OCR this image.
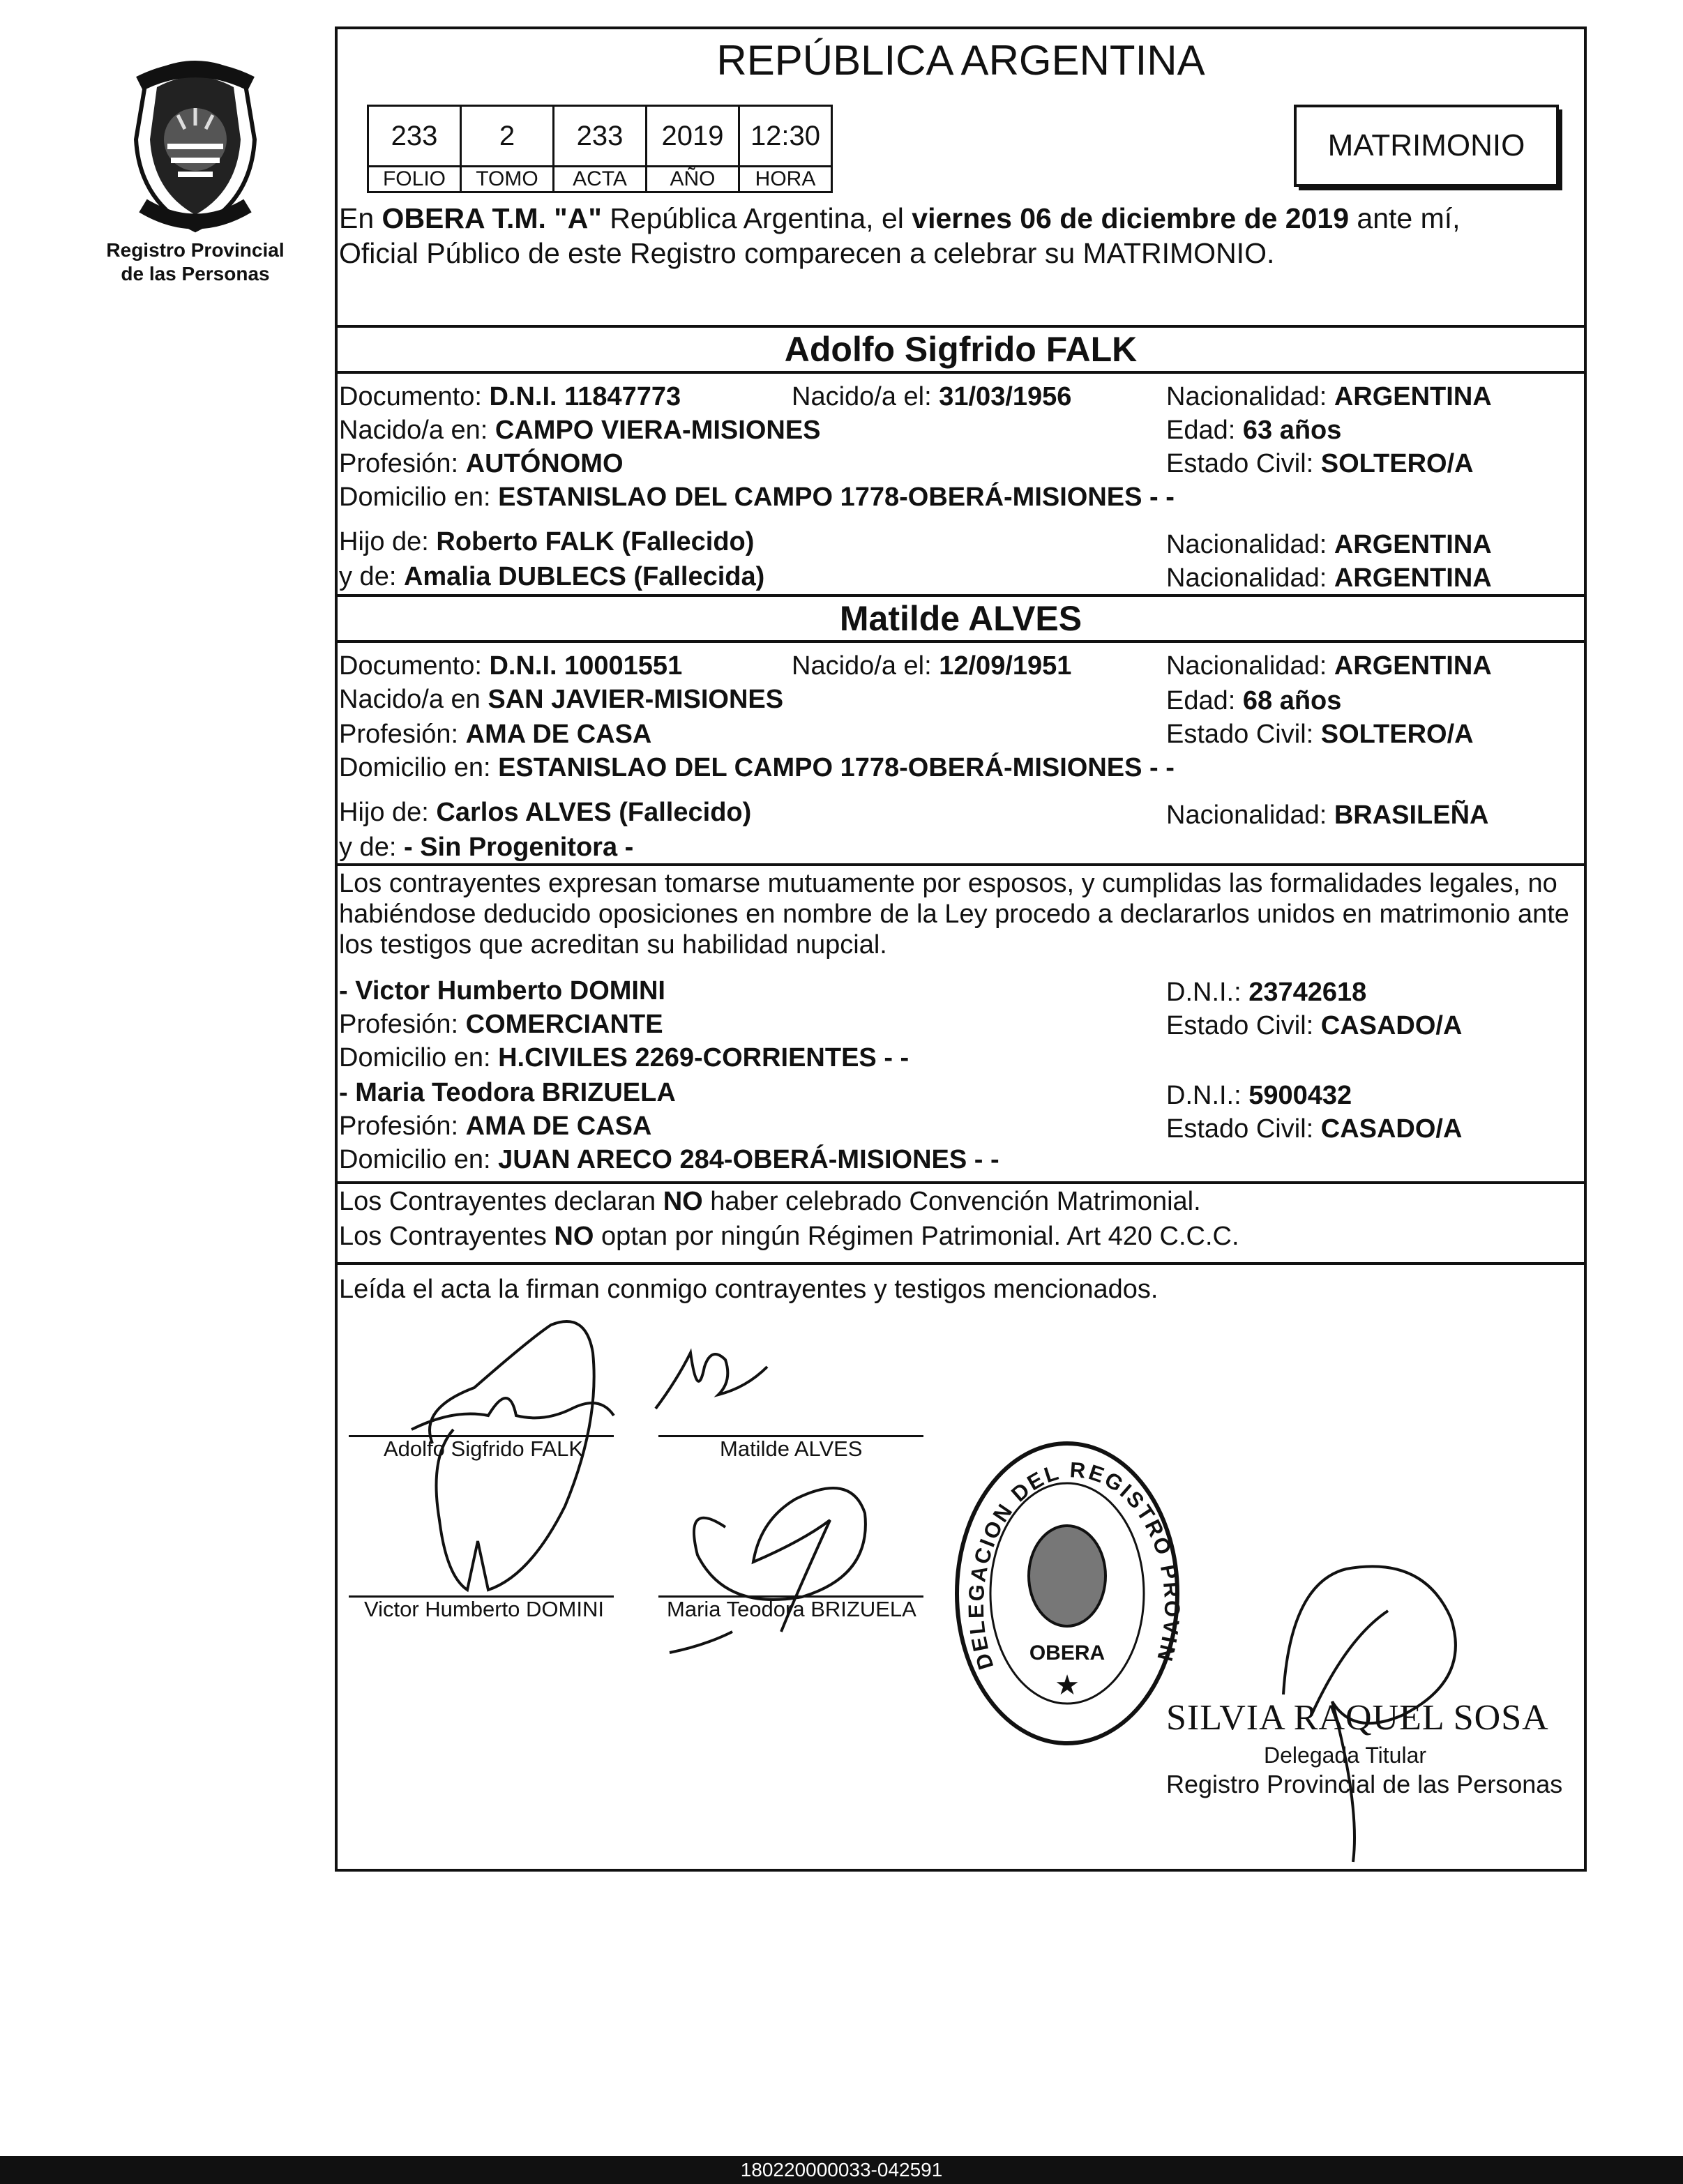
Registro Provincial
de las Personas
REPÚBLICA ARGENTINA
233	2	233	2019	12:30
FOLIO	TOMO	ACTA	AÑO	HORA
MATRIMONIO
En OBERA T.M. "A" República Argentina, el viernes 06 de diciembre de 2019 ante mí,
Oficial Público de este Registro comparecen a celebrar su MATRIMONIO.
Adolfo Sigfrido FALK
Documento: D.N.I. 11847773	Nacido/a el: 31/03/1956	Nacionalidad: ARGENTINA
Nacido/a en: CAMPO VIERA-MISIONES	Edad: 63 años
Profesión: AUTÓNOMO	Estado Civil: SOLTERO/A
Domicilio en: ESTANISLAO DEL CAMPO 1778-OBERÁ-MISIONES - -
Hijo de: Roberto FALK (Fallecido)	Nacionalidad: ARGENTINA
y de: Amalia DUBLECS (Fallecida)	Nacionalidad: ARGENTINA
Matilde ALVES
Documento: D.N.I. 10001551	Nacido/a el: 12/09/1951	Nacionalidad: ARGENTINA
Nacido/a en SAN JAVIER-MISIONES	Edad: 68 años
Profesión: AMA DE CASA	Estado Civil: SOLTERO/A
Domicilio en: ESTANISLAO DEL CAMPO 1778-OBERÁ-MISIONES - -
Hijo de: Carlos ALVES (Fallecido)	Nacionalidad: BRASILEÑA
y de: - Sin Progenitora -
Los contrayentes expresan tomarse mutuamente por esposos, y cumplidas las formalidades legales, no
habiéndose deducido oposiciones en nombre de la Ley procedo a declararlos unidos en matrimonio ante
los testigos que acreditan su habilidad nupcial.
- Victor Humberto DOMINI	D.N.I.: 23742618
Profesión: COMERCIANTE	Estado Civil: CASADO/A
Domicilio en: H.CIVILES 2269-CORRIENTES - -
- Maria Teodora BRIZUELA	D.N.I.: 5900432
Profesión: AMA DE CASA	Estado Civil: CASADO/A
Domicilio en: JUAN ARECO 284-OBERÁ-MISIONES - -
Los Contrayentes declaran NO haber celebrado Convención Matrimonial.
Los Contrayentes NO optan por ningún Régimen Patrimonial. Art 420 C.C.C.
Leída el acta la firman conmigo contrayentes y testigos mencionados.
Adolfo Sigfrido FALK	Matilde ALVES
Victor Humberto DOMINI	Maria Teodora BRIZUELA
DELEGACION DEL REGISTRO PROVINCIAL DE LAS PERSONAS
OBERA
★
SILVIA RAQUEL SOSA
Delegada Titular
Registro Provincial de las Personas
180220000033-042591
